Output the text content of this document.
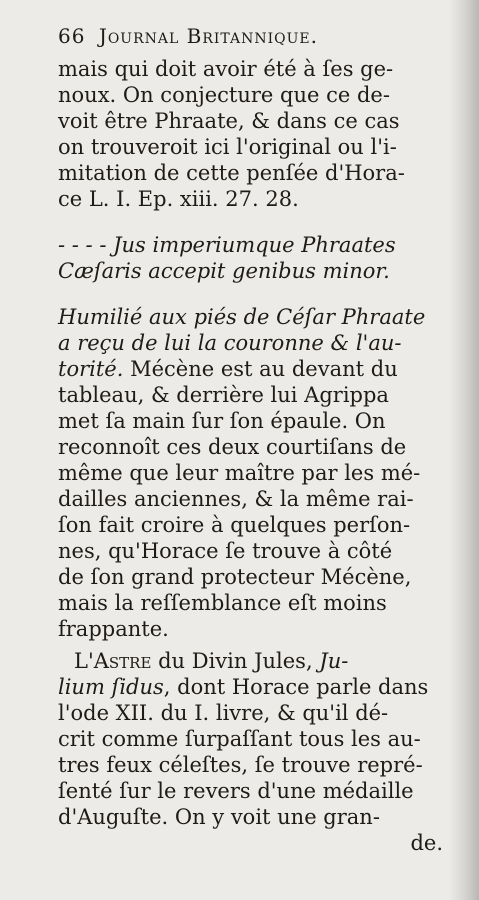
66 Journal Britannique.
mais qui doit avoir été à ſes ge-
noux. On conjecture que ce de-
voit être Phraate, & dans ce cas
on trouveroit ici l'original ou l'i-
mitation de cette penſée d'Hora-
ce L. I. Ep. xiii. 27. 28.
- - - - Jus imperiumque Phraates
Cæſaris accepit genibus minor.
Humilié aux piés de Céſar Phraate
a reçu de lui la couronne & l'au-
torité. Mécène est au devant du
tableau, & derrière lui Agrippa
met ſa main ſur ſon épaule. On
reconnoît ces deux courtiſans de
même que leur maître par les mé-
dailles anciennes, & la même rai-
ſon fait croire à quelques perſon-
nes, qu'Horace ſe trouve à côté
de ſon grand protecteur Mécène,
mais la reſſemblance eſt moins
frappante.
L'Astre du Divin Jules, Ju-
lium ſidus, dont Horace parle dans
l'ode XII. du I. livre, & qu'il dé-
crit comme ſurpaſſant tous les au-
tres feux céleſtes, ſe trouve repré-
ſenté ſur le revers d'une médaille
d'Auguſte. On y voit une gran-
de.
